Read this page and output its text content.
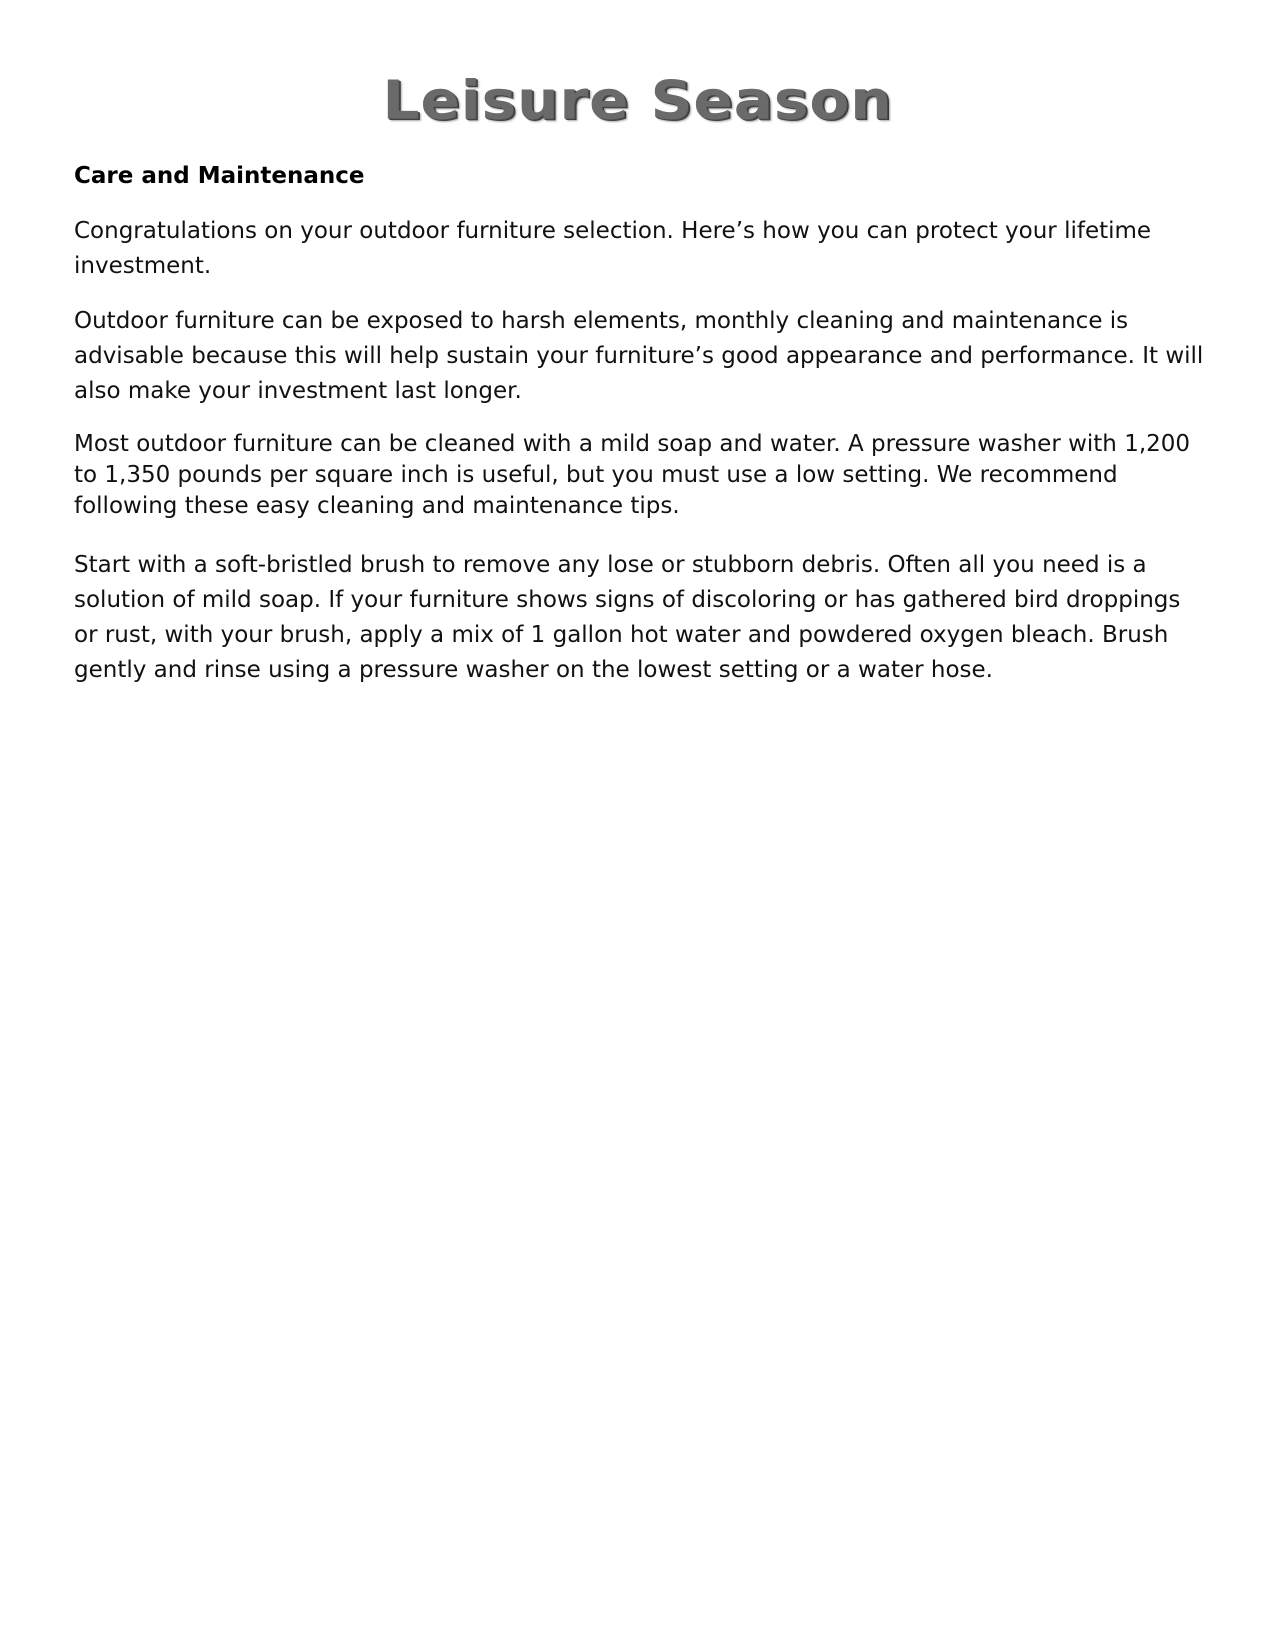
Leisure Season
Care and Maintenance

Congratulations on your outdoor furniture selection. Here’s how you can protect your lifetime investment.

Outdoor furniture can be exposed to harsh elements, monthly cleaning and maintenance is advisable because this will help sustain your furniture’s good appearance and performance. It will also make your investment last longer.

Most outdoor furniture can be cleaned with a mild soap and water. A pressure washer with 1,200 to 1,350 pounds per square inch is useful, but you must use a low setting. We recommend following these easy cleaning and maintenance tips.

Start with a soft-bristled brush to remove any lose or stubborn debris. Often all you need is a solution of mild soap. If your furniture shows signs of discoloring or has gathered bird droppings or rust, with your brush, apply a mix of 1 gallon hot water and powdered oxygen bleach. Brush gently and rinse using a pressure washer on the lowest setting or a water hose.
